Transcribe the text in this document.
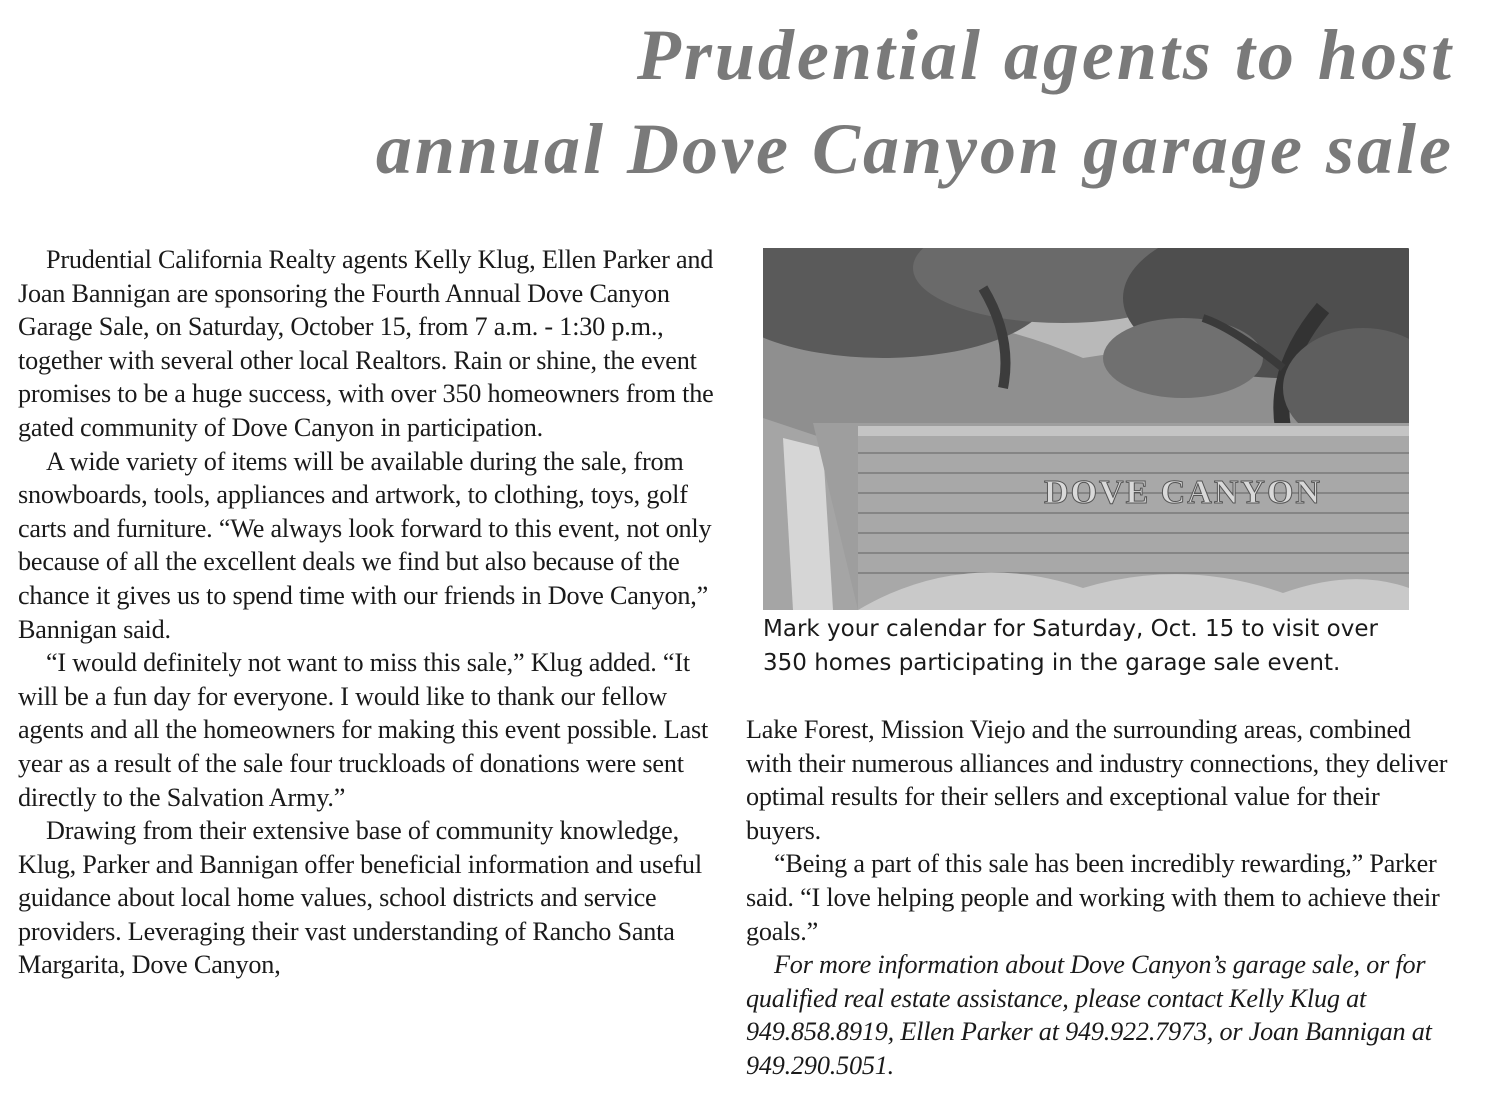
Prudential agents to host
annual Dove Canyon garage sale

Prudential California Realty agents Kelly Klug, Ellen Parker and Joan Bannigan are sponsoring the Fourth Annual Dove Canyon Garage Sale, on Saturday, October 15, from 7 a.m. - 1:30 p.m., together with several other local Realtors. Rain or shine, the event promises to be a huge success, with over 350 homeowners from the gated community of Dove Canyon in participation.

A wide variety of items will be available during the sale, from snowboards, tools, appliances and artwork, to clothing, toys, golf carts and furniture. “We always look forward to this event, not only because of all the excellent deals we find but also because of the chance it gives us to spend time with our friends in Dove Canyon,” Bannigan said.

“I would definitely not want to miss this sale,” Klug added. “It will be a fun day for everyone. I would like to thank our fellow agents and all the homeowners for making this event possible. Last year as a result of the sale four truckloads of donations were sent directly to the Salvation Army.”

Drawing from their extensive base of community knowledge, Klug, Parker and Bannigan offer beneficial information and useful guidance about local home values, school districts and service providers. Leveraging their vast understanding of Rancho Santa Margarita, Dove Canyon,

DOVE CANYON
Mark your calendar for Saturday, Oct. 15 to visit over
350 homes participating in the garage sale event.

Lake Forest, Mission Viejo and the surrounding areas, combined with their numerous alliances and industry connections, they deliver optimal results for their sellers and exceptional value for their buyers.

“Being a part of this sale has been incredibly rewarding,” Parker said. “I love helping people and working with them to achieve their goals.”

For more information about Dove Canyon’s garage sale, or for qualified real estate assistance, please contact Kelly Klug at 949.858.8919, Ellen Parker at 949.922.7973, or Joan Bannigan at 949.290.5051.
